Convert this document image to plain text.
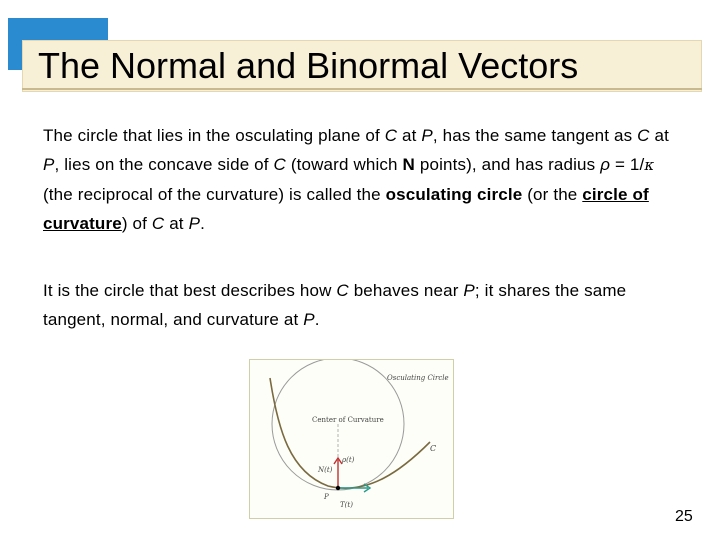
The Normal and Binormal Vectors

The circle that lies in the osculating plane of C at P, has the same tangent as C at P, lies on the concave side of C (toward which N points), and has radius ρ = 1/κ (the reciprocal of the curvature) is called the osculating circle (or the circle of curvature) of C at P.

It is the circle that best describes how C behaves near P; it shares the same tangent, normal, and curvature at P.

Osculating Circle
Center of Curvature
C
ρ(t)
N(t)
T(t)
P
25
